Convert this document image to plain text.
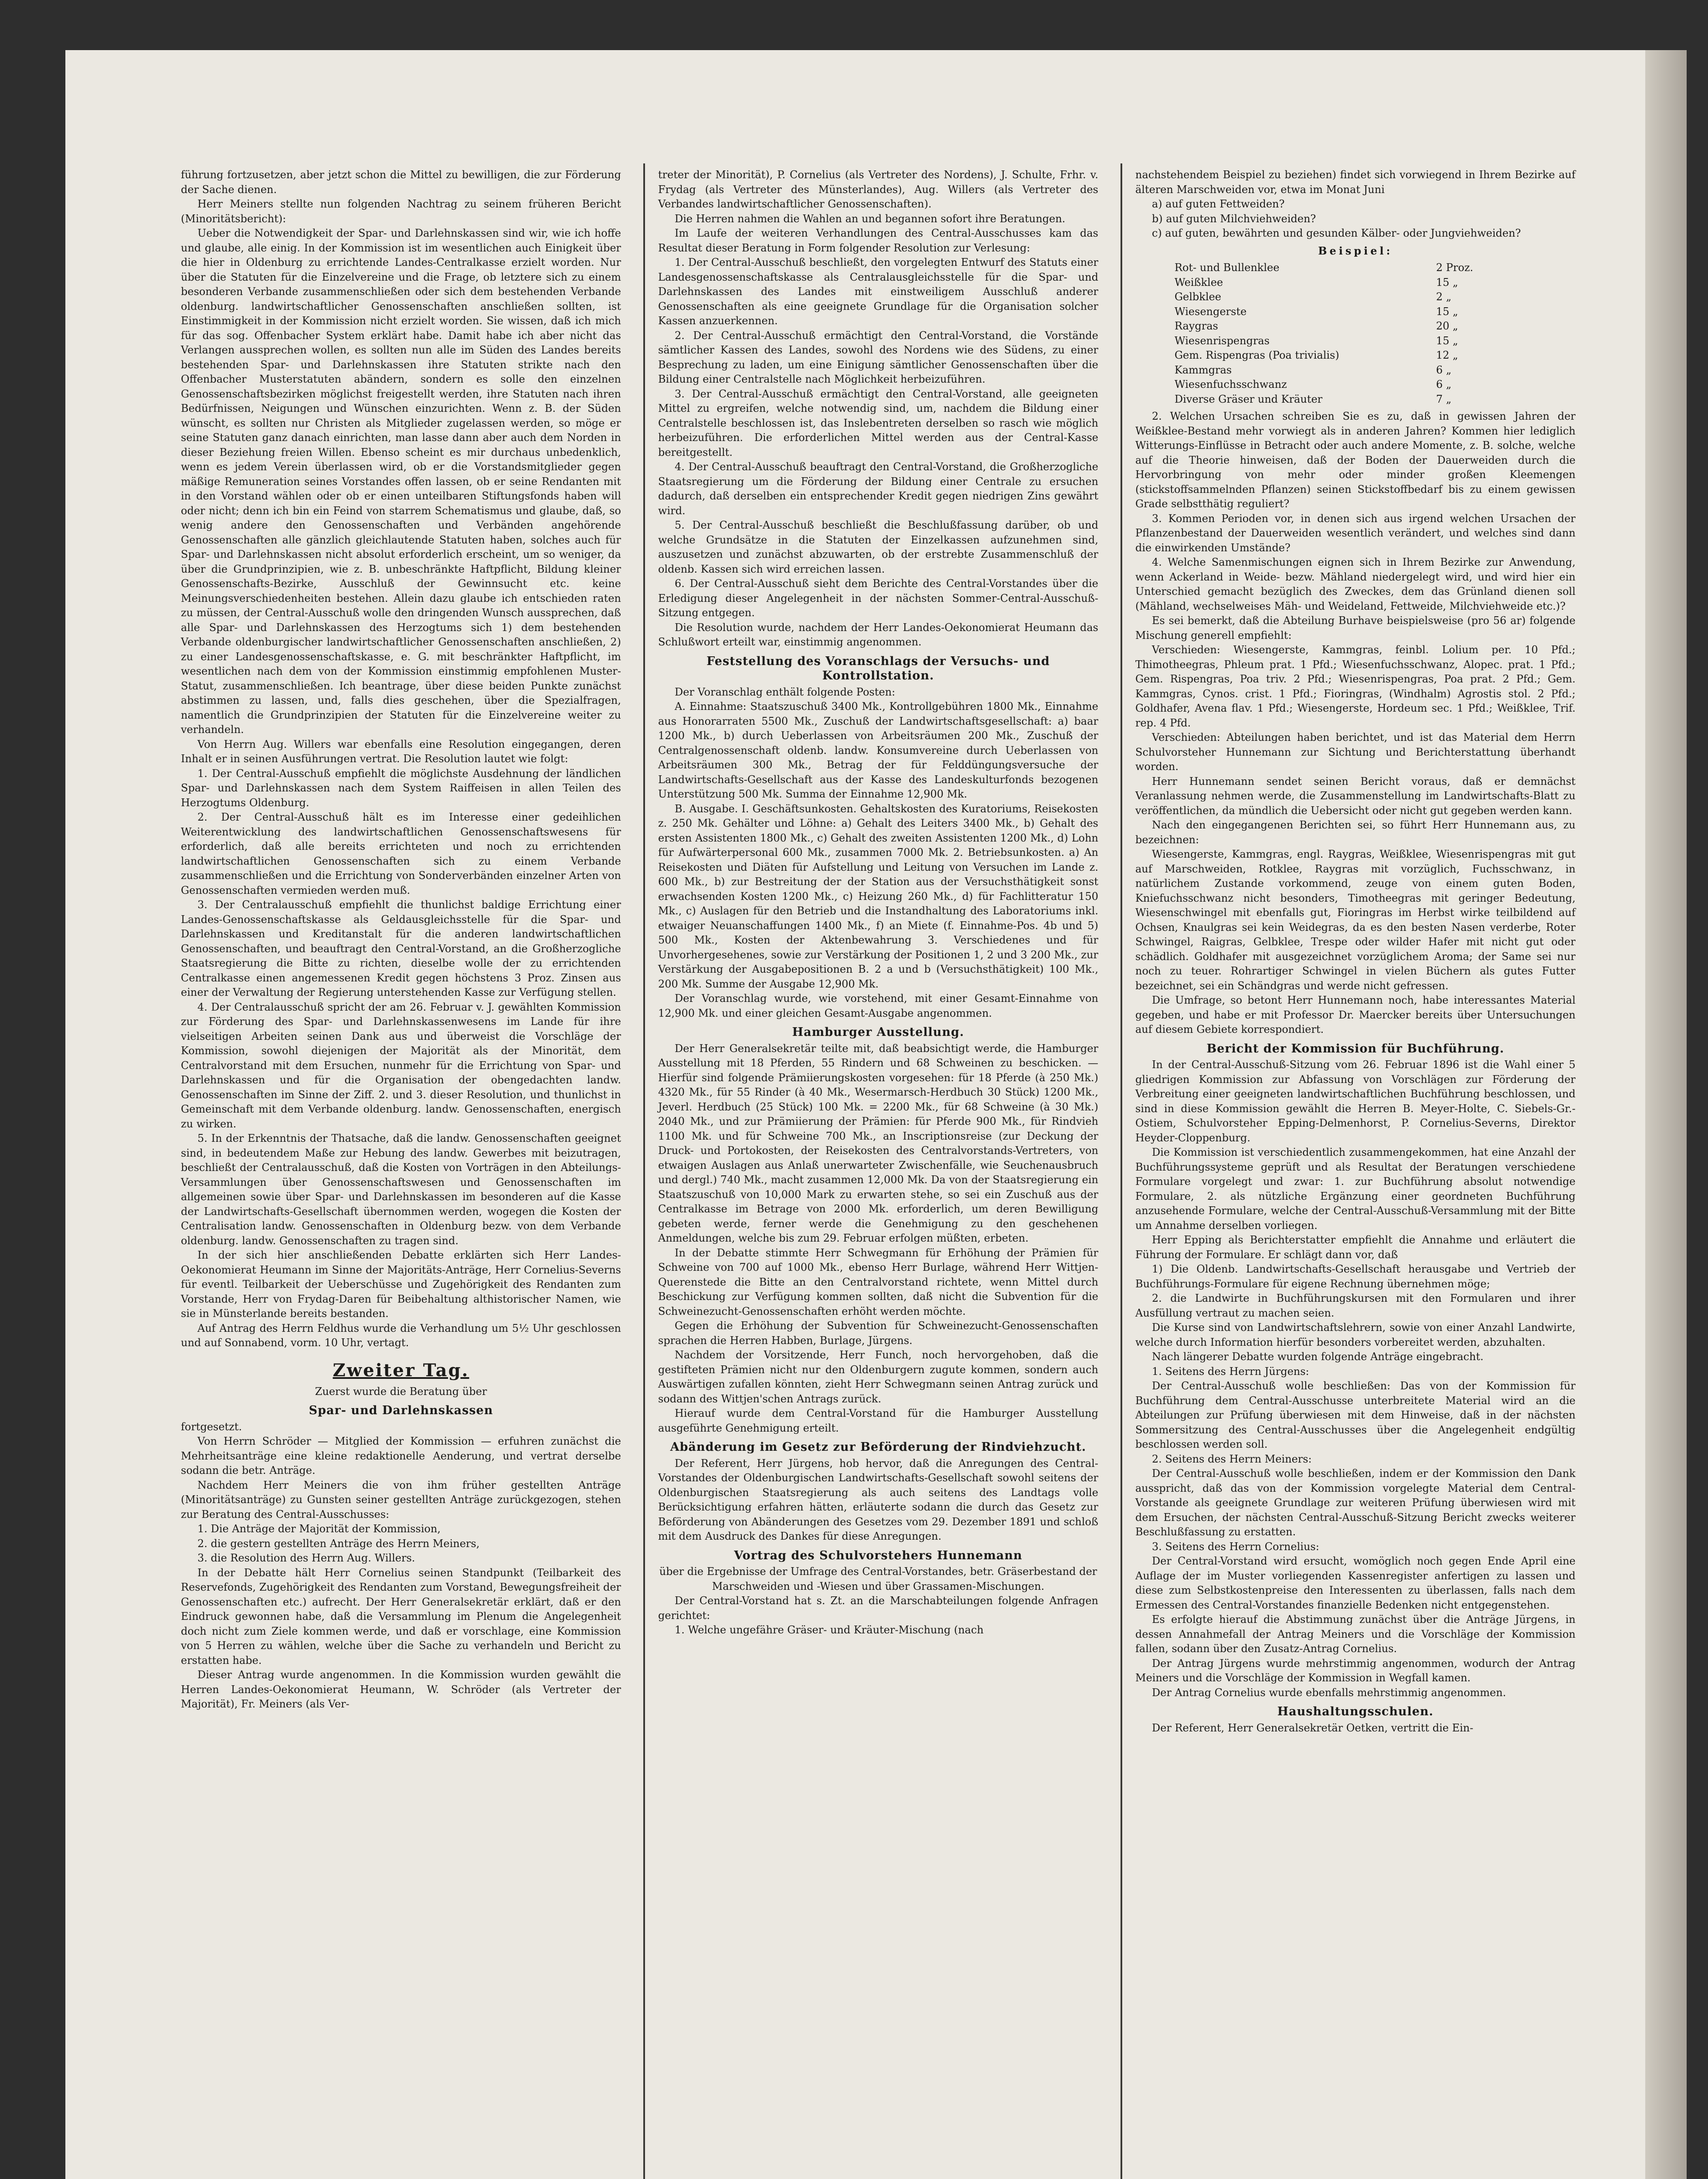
führung fortzusetzen, aber jetzt schon die Mittel zu bewilligen, die zur Förderung der Sache dienen.

Herr Meiners stellte nun folgenden Nachtrag zu seinem früheren Bericht (Minoritätsbericht):

Ueber die Notwendigkeit der Spar- und Darlehnskassen sind wir, wie ich hoffe und glaube, alle einig. In der Kommission ist im wesentlichen auch Einigkeit über die hier in Oldenburg zu errichtende Landes-Centralkasse erzielt worden. Nur über die Statuten für die Einzelvereine und die Frage, ob letztere sich zu einem besonderen Verbande zusammenschließen oder sich dem bestehenden Verbande oldenburg. landwirtschaftlicher Genossenschaften anschließen sollten, ist Einstimmigkeit in der Kommission nicht erzielt worden. Sie wissen, daß ich mich für das sog. Offenbacher System erklärt habe. Damit habe ich aber nicht das Verlangen aussprechen wollen, es sollten nun alle im Süden des Landes bereits bestehenden Spar- und Darlehnskassen ihre Statuten strikte nach den Offenbacher Musterstatuten abändern, sondern es solle den einzelnen Genossenschaftsbezirken möglichst freigestellt werden, ihre Statuten nach ihren Bedürfnissen, Neigungen und Wünschen einzurichten. Wenn z. B. der Süden wünscht, es sollten nur Christen als Mitglieder zugelassen werden, so möge er seine Statuten ganz danach einrichten, man lasse dann aber auch dem Norden in dieser Beziehung freien Willen. Ebenso scheint es mir durchaus unbedenklich, wenn es jedem Verein überlassen wird, ob er die Vorstandsmitglieder gegen mäßige Remuneration seines Vorstandes offen lassen, ob er seine Rendanten mit in den Vorstand wählen oder ob er einen unteilbaren Stiftungsfonds haben will oder nicht; denn ich bin ein Feind von starrem Schematismus und glaube, daß, so wenig andere den Genossenschaften und Verbänden angehörende Genossenschaften alle gänzlich gleichlautende Statuten haben, solches auch für Spar- und Darlehnskassen nicht absolut erforderlich erscheint, um so weniger, da über die Grundprinzipien, wie z. B. unbeschränkte Haftpflicht, Bildung kleiner Genossenschafts-Bezirke, Ausschluß der Gewinnsucht etc. keine Meinungsverschiedenheiten bestehen. Allein dazu glaube ich entschieden raten zu müssen, der Central-Ausschuß wolle den dringenden Wunsch aussprechen, daß alle Spar- und Darlehnskassen des Herzogtums sich 1) dem bestehenden Verbande oldenburgischer landwirtschaftlicher Genossenschaften anschließen, 2) zu einer Landesgenossenschaftskasse, e. G. mit beschränkter Haftpflicht, im wesentlichen nach dem von der Kommission einstimmig empfohlenen Muster-Statut, zusammenschließen. Ich beantrage, über diese beiden Punkte zunächst abstimmen zu lassen, und, falls dies geschehen, über die Spezialfragen, namentlich die Grundprinzipien der Statuten für die Einzelvereine weiter zu verhandeln.

Von Herrn Aug. Willers war ebenfalls eine Resolution eingegangen, deren Inhalt er in seinen Ausführungen vertrat. Die Resolution lautet wie folgt:

1. Der Central-Ausschuß empfiehlt die möglichste Ausdehnung der ländlichen Spar- und Darlehnskassen nach dem System Raiffeisen in allen Teilen des Herzogtums Oldenburg.

2. Der Central-Ausschuß hält es im Interesse einer gedeihlichen Weiterentwicklung des landwirtschaftlichen Genossenschaftswesens für erforderlich, daß alle bereits errichteten und noch zu errichtenden landwirtschaftlichen Genossenschaften sich zu einem Verbande zusammenschließen und die Errichtung von Sonderverbänden einzelner Arten von Genossenschaften vermieden werden muß.

3. Der Centralausschuß empfiehlt die thunlichst baldige Errichtung einer Landes-Genossenschaftskasse als Geldausgleichsstelle für die Spar- und Darlehnskassen und Kreditanstalt für die anderen landwirtschaftlichen Genossenschaften, und beauftragt den Central-Vorstand, an die Großherzogliche Staatsregierung die Bitte zu richten, dieselbe wolle der zu errichtenden Centralkasse einen angemessenen Kredit gegen höchstens 3 Proz. Zinsen aus einer der Verwaltung der Regierung unterstehenden Kasse zur Verfügung stellen.

4. Der Centralausschuß spricht der am 26. Februar v. J. gewählten Kommission zur Förderung des Spar- und Darlehnskassenwesens im Lande für ihre vielseitigen Arbeiten seinen Dank aus und überweist die Vorschläge der Kommission, sowohl diejenigen der Majorität als der Minorität, dem Centralvorstand mit dem Ersuchen, nunmehr für die Errichtung von Spar- und Darlehnskassen und für die Organisation der obengedachten landw. Genossenschaften im Sinne der Ziff. 2. und 3. dieser Resolution, und thunlichst in Gemeinschaft mit dem Verbande oldenburg. landw. Genossenschaften, energisch zu wirken.

5. In der Erkenntnis der Thatsache, daß die landw. Genossenschaften geeignet sind, in bedeutendem Maße zur Hebung des landw. Gewerbes mit beizutragen, beschließt der Centralausschuß, daß die Kosten von Vorträgen in den Abteilungs-Versammlungen über Genossenschaftswesen und Genossenschaften im allgemeinen sowie über Spar- und Darlehnskassen im besonderen auf die Kasse der Landwirtschafts-Gesellschaft übernommen werden, wogegen die Kosten der Centralisation landw. Genossenschaften in Oldenburg bezw. von dem Verbande oldenburg. landw. Genossenschaften zu tragen sind.

In der sich hier anschließenden Debatte erklärten sich Herr Landes-Oekonomierat Heumann im Sinne der Majoritäts-Anträge, Herr Cornelius-Severns für eventl. Teilbarkeit der Ueberschüsse und Zugehörigkeit des Rendanten zum Vorstande, Herr von Frydag-Daren für Beibehaltung althistorischer Namen, wie sie in Münsterlande bereits bestanden.

Auf Antrag des Herrn Feldhus wurde die Verhandlung um 5½ Uhr geschlossen und auf Sonnabend, vorm. 10 Uhr, vertagt.

Zweiter Tag.
Zuerst wurde die Beratung über
Spar- und Darlehnskassen

fortgesetzt.

Von Herrn Schröder — Mitglied der Kommission — erfuhren zunächst die Mehrheitsanträge eine kleine redaktionelle Aenderung, und vertrat derselbe sodann die betr. Anträge.

Nachdem Herr Meiners die von ihm früher gestellten Anträge (Minoritätsanträge) zu Gunsten seiner gestellten Anträge zurückgezogen, stehen zur Beratung des Central-Ausschusses:

1. Die Anträge der Majorität der Kommission,

2. die gestern gestellten Anträge des Herrn Meiners,

3. die Resolution des Herrn Aug. Willers.

In der Debatte hält Herr Cornelius seinen Standpunkt (Teilbarkeit des Reservefonds, Zugehörigkeit des Rendanten zum Vorstand, Bewegungsfreiheit der Genossenschaften etc.) aufrecht. Der Herr Generalsekretär erklärt, daß er den Eindruck gewonnen habe, daß die Versammlung im Plenum die Angelegenheit doch nicht zum Ziele kommen werde, und daß er vorschlage, eine Kommission von 5 Herren zu wählen, welche über die Sache zu verhandeln und Bericht zu erstatten habe.

Dieser Antrag wurde angenommen. In die Kommission wurden gewählt die Herren Landes-Oekonomierat Heumann, W. Schröder (als Vertreter der Majorität), Fr. Meiners (als Ver-

treter der Minorität), P. Cornelius (als Vertreter des Nordens), J. Schulte, Frhr. v. Frydag (als Vertreter des Münsterlandes), Aug. Willers (als Vertreter des Verbandes landwirtschaftlicher Genossenschaften).

Die Herren nahmen die Wahlen an und begannen sofort ihre Beratungen.

Im Laufe der weiteren Verhandlungen des Central-Ausschusses kam das Resultat dieser Beratung in Form folgender Resolution zur Verlesung:

1. Der Central-Ausschuß beschließt, den vorgelegten Entwurf des Statuts einer Landesgenossenschaftskasse als Centralausgleichsstelle für die Spar- und Darlehnskassen des Landes mit einstweiligem Ausschluß anderer Genossenschaften als eine geeignete Grundlage für die Organisation solcher Kassen anzuerkennen.

2. Der Central-Ausschuß ermächtigt den Central-Vorstand, die Vorstände sämtlicher Kassen des Landes, sowohl des Nordens wie des Südens, zu einer Besprechung zu laden, um eine Einigung sämtlicher Genossenschaften über die Bildung einer Centralstelle nach Möglichkeit herbeizuführen.

3. Der Central-Ausschuß ermächtigt den Central-Vorstand, alle geeigneten Mittel zu ergreifen, welche notwendig sind, um, nachdem die Bildung einer Centralstelle beschlossen ist, das Inslebentreten derselben so rasch wie möglich herbeizuführen. Die erforderlichen Mittel werden aus der Central-Kasse bereitgestellt.

4. Der Central-Ausschuß beauftragt den Central-Vorstand, die Großherzogliche Staatsregierung um die Förderung der Bildung einer Centrale zu ersuchen dadurch, daß derselben ein entsprechender Kredit gegen niedrigen Zins gewährt wird.

5. Der Central-Ausschuß beschließt die Beschlußfassung darüber, ob und welche Grundsätze in die Statuten der Einzelkassen aufzunehmen sind, auszusetzen und zunächst abzuwarten, ob der erstrebte Zusammenschluß der oldenb. Kassen sich wird erreichen lassen.

6. Der Central-Ausschuß sieht dem Berichte des Central-Vorstandes über die Erledigung dieser Angelegenheit in der nächsten Sommer-Central-Ausschuß-Sitzung entgegen.

Die Resolution wurde, nachdem der Herr Landes-Oekonomierat Heumann das Schlußwort erteilt war, einstimmig angenommen.

Feststellung des Voranschlags der Versuchs- und Kontrollstation.

Der Voranschlag enthält folgende Posten:

A. Einnahme: Staatszuschuß 3400 Mk., Kontrollgebühren 1800 Mk., Einnahme aus Honorarraten 5500 Mk., Zuschuß der Landwirtschaftsgesellschaft: a) baar 1200 Mk., b) durch Ueberlassen von Arbeitsräumen 200 Mk., Zuschuß der Centralgenossenschaft oldenb. landw. Konsumvereine durch Ueberlassen von Arbeitsräumen 300 Mk., Betrag der für Felddüngungsversuche der Landwirtschafts-Gesellschaft aus der Kasse des Landeskulturfonds bezogenen Unterstützung 500 Mk. Summa der Einnahme 12,900 Mk.

B. Ausgabe. I. Geschäftsunkosten. Gehaltskosten des Kuratoriums, Reisekosten z. 250 Mk. Gehälter und Löhne: a) Gehalt des Leiters 3400 Mk., b) Gehalt des ersten Assistenten 1800 Mk., c) Gehalt des zweiten Assistenten 1200 Mk., d) Lohn für Aufwärterpersonal 600 Mk., zusammen 7000 Mk. 2. Betriebsunkosten. a) An Reisekosten und Diäten für Aufstellung und Leitung von Versuchen im Lande z. 600 Mk., b) zur Bestreitung der der Station aus der Versuchsthätigkeit sonst erwachsenden Kosten 1200 Mk., c) Heizung 260 Mk., d) für Fachlitteratur 150 Mk., c) Auslagen für den Betrieb und die Instandhaltung des Laboratoriums inkl. etwaiger Neuanschaffungen 1400 Mk., f) an Miete (f. Einnahme-Pos. 4b und 5) 500 Mk., Kosten der Aktenbewahrung 3. Verschiedenes und für Unvorhergesehenes, sowie zur Verstärkung der Positionen 1, 2 und 3 200 Mk., zur Verstärkung der Ausgabepositionen B. 2 a und b (Versuchsthätigkeit) 100 Mk., 200 Mk. Summe der Ausgabe 12,900 Mk.

Der Voranschlag wurde, wie vorstehend, mit einer Gesamt-Einnahme von 12,900 Mk. und einer gleichen Gesamt-Ausgabe angenommen.

Hamburger Ausstellung.

Der Herr Generalsekretär teilte mit, daß beabsichtigt werde, die Hamburger Ausstellung mit 18 Pferden, 55 Rindern und 68 Schweinen zu beschicken. — Hierfür sind folgende Prämiierungskosten vorgesehen: für 18 Pferde (à 250 Mk.) 4320 Mk., für 55 Rinder (à 40 Mk., Wesermarsch-Herdbuch 30 Stück) 1200 Mk., Jeverl. Herdbuch (25 Stück) 100 Mk. = 2200 Mk., für 68 Schweine (à 30 Mk.) 2040 Mk., und zur Prämiierung der Prämien: für Pferde 900 Mk., für Rindvieh 1100 Mk. und für Schweine 700 Mk., an Inscriptionsreise (zur Deckung der Druck- und Portokosten, der Reisekosten des Centralvorstands-Vertreters, von etwaigen Auslagen aus Anlaß unerwarteter Zwischenfälle, wie Seuchenausbruch und dergl.) 740 Mk., macht zusammen 12,000 Mk. Da von der Staatsregierung ein Staatszuschuß von 10,000 Mark zu erwarten stehe, so sei ein Zuschuß aus der Centralkasse im Betrage von 2000 Mk. erforderlich, um deren Bewilligung gebeten werde, ferner werde die Genehmigung zu den geschehenen Anmeldungen, welche bis zum 29. Februar erfolgen müßten, erbeten.

In der Debatte stimmte Herr Schwegmann für Erhöhung der Prämien für Schweine von 700 auf 1000 Mk., ebenso Herr Burlage, während Herr Wittjen-Querenstede die Bitte an den Centralvorstand richtete, wenn Mittel durch Beschickung zur Verfügung kommen sollten, daß nicht die Subvention für die Schweinezucht-Genossenschaften erhöht werden möchte.

Gegen die Erhöhung der Subvention für Schweinezucht-Genossenschaften sprachen die Herren Habben, Burlage, Jürgens.

Nachdem der Vorsitzende, Herr Funch, noch hervorgehoben, daß die gestifteten Prämien nicht nur den Oldenburgern zugute kommen, sondern auch Auswärtigen zufallen könnten, zieht Herr Schwegmann seinen Antrag zurück und sodann des Wittjen'schen Antrags zurück.

Hierauf wurde dem Central-Vorstand für die Hamburger Ausstellung ausgeführte Genehmigung erteilt.

Abänderung im Gesetz zur Beförderung der Rindviehzucht.

Der Referent, Herr Jürgens, hob hervor, daß die Anregungen des Central-Vorstandes der Oldenburgischen Landwirtschafts-Gesellschaft sowohl seitens der Oldenburgischen Staatsregierung als auch seitens des Landtags volle Berücksichtigung erfahren hätten, erläuterte sodann die durch das Gesetz zur Beförderung von Abänderungen des Gesetzes vom 29. Dezember 1891 und schloß mit dem Ausdruck des Dankes für diese Anregungen.

Vortrag des Schulvorstehers Hunnemann
über die Ergebnisse der Umfrage des Central-Vorstandes, betr. Gräserbestand der Marschweiden und -Wiesen und über Grassamen-Mischungen.

Der Central-Vorstand hat s. Zt. an die Marschabteilungen folgende Anfragen gerichtet:

1. Welche ungefähre Gräser- und Kräuter-Mischung (nach

nachstehendem Beispiel zu beziehen) findet sich vorwiegend in Ihrem Bezirke auf älteren Marschweiden vor, etwa im Monat Juni

a) auf guten Fettweiden?

b) auf guten Milchviehweiden?

c) auf guten, bewährten und gesunden Kälber- oder Jungviehweiden?

Beispiel:
Rot- und Bullenklee	2 Proz.
Weißklee	15 „
Gelbklee	2 „
Wiesengerste	15 „
Raygras	20 „
Wiesenrispengras	15 „
Gem. Rispengras (Poa trivialis)	12 „
Kammgras	6 „
Wiesenfuchsschwanz	6 „
Diverse Gräser und Kräuter	7 „

2. Welchen Ursachen schreiben Sie es zu, daß in gewissen Jahren der Weißklee-Bestand mehr vorwiegt als in anderen Jahren? Kommen hier lediglich Witterungs-Einflüsse in Betracht oder auch andere Momente, z. B. solche, welche auf die Theorie hinweisen, daß der Boden der Dauerweiden durch die Hervorbringung von mehr oder minder großen Kleemengen (stickstoffsammelnden Pflanzen) seinen Stickstoffbedarf bis zu einem gewissen Grade selbstthätig reguliert?

3. Kommen Perioden vor, in denen sich aus irgend welchen Ursachen der Pflanzenbestand der Dauerweiden wesentlich verändert, und welches sind dann die einwirkenden Umstände?

4. Welche Samenmischungen eignen sich in Ihrem Bezirke zur Anwendung, wenn Ackerland in Weide- bezw. Mähland niedergelegt wird, und wird hier ein Unterschied gemacht bezüglich des Zweckes, dem das Grünland dienen soll (Mähland, wechselweises Mäh- und Weideland, Fettweide, Milchviehweide etc.)?

Es sei bemerkt, daß die Abteilung Burhave beispielsweise (pro 56 ar) folgende Mischung generell empfiehlt:

Verschieden: Wiesengerste, Kammgras, feinbl. Lolium per. 10 Pfd.; Thimotheegras, Phleum prat. 1 Pfd.; Wiesenfuchsschwanz, Alopec. prat. 1 Pfd.; Gem. Rispengras, Poa triv. 2 Pfd.; Wiesenrispengras, Poa prat. 2 Pfd.; Gem. Kammgras, Cynos. crist. 1 Pfd.; Fioringras, (Windhalm) Agrostis stol. 2 Pfd.; Goldhafer, Avena flav. 1 Pfd.; Wiesengerste, Hordeum sec. 1 Pfd.; Weißklee, Trif. rep. 4 Pfd.

Verschieden: Abteilungen haben berichtet, und ist das Material dem Herrn Schulvorsteher Hunnemann zur Sichtung und Berichterstattung überhandt worden.

Herr Hunnemann sendet seinen Bericht voraus, daß er demnächst Veranlassung nehmen werde, die Zusammenstellung im Landwirtschafts-Blatt zu veröffentlichen, da mündlich die Uebersicht oder nicht gut gegeben werden kann.

Nach den eingegangenen Berichten sei, so führt Herr Hunnemann aus, zu bezeichnen:

Wiesengerste, Kammgras, engl. Raygras, Weißklee, Wiesenrispengras mit gut auf Marschweiden, Rotklee, Raygras mit vorzüglich, Fuchsschwanz, in natürlichem Zustande vorkommend, zeuge von einem guten Boden, Kniefuchsschwanz nicht besonders, Timotheegras mit geringer Bedeutung, Wiesenschwingel mit ebenfalls gut, Fioringras im Herbst wirke teilbildend auf Ochsen, Knaulgras sei kein Weidegras, da es den besten Nasen verderbe, Roter Schwingel, Raigras, Gelbklee, Trespe oder wilder Hafer mit nicht gut oder schädlich. Goldhafer mit ausgezeichnet vorzüglichem Aroma; der Same sei nur noch zu teuer. Rohrartiger Schwingel in vielen Büchern als gutes Futter bezeichnet, sei ein Schändgras und werde nicht gefressen.

Die Umfrage, so betont Herr Hunnemann noch, habe interessantes Material gegeben, und habe er mit Professor Dr. Maercker bereits über Untersuchungen auf diesem Gebiete korrespondiert.

Bericht der Kommission für Buchführung.

In der Central-Ausschuß-Sitzung vom 26. Februar 1896 ist die Wahl einer 5 gliedrigen Kommission zur Abfassung von Vorschlägen zur Förderung der Verbreitung einer geeigneten landwirtschaftlichen Buchführung beschlossen, und sind in diese Kommission gewählt die Herren B. Meyer-Holte, C. Siebels-Gr.-Ostiem, Schulvorsteher Epping-Delmenhorst, P. Cornelius-Severns, Direktor Heyder-Cloppenburg.

Die Kommission ist verschiedentlich zusammengekommen, hat eine Anzahl der Buchführungssysteme geprüft und als Resultat der Beratungen verschiedene Formulare vorgelegt und zwar: 1. zur Buchführung absolut notwendige Formulare, 2. als nützliche Ergänzung einer geordneten Buchführung anzusehende Formulare, welche der Central-Ausschuß-Versammlung mit der Bitte um Annahme derselben vorliegen.

Herr Epping als Berichterstatter empfiehlt die Annahme und erläutert die Führung der Formulare. Er schlägt dann vor, daß

1) Die Oldenb. Landwirtschafts-Gesellschaft herausgabe und Vertrieb der Buchführungs-Formulare für eigene Rechnung übernehmen möge;

2. die Landwirte in Buchführungskursen mit den Formularen und ihrer Ausfüllung vertraut zu machen seien.

Die Kurse sind von Landwirtschaftslehrern, sowie von einer Anzahl Landwirte, welche durch Information hierfür besonders vorbereitet werden, abzuhalten.

Nach längerer Debatte wurden folgende Anträge eingebracht.

1. Seitens des Herrn Jürgens:

Der Central-Ausschuß wolle beschließen: Das von der Kommission für Buchführung dem Central-Ausschusse unterbreitete Material wird an die Abteilungen zur Prüfung überwiesen mit dem Hinweise, daß in der nächsten Sommersitzung des Central-Ausschusses über die Angelegenheit endgültig beschlossen werden soll.

2. Seitens des Herrn Meiners:

Der Central-Ausschuß wolle beschließen, indem er der Kommission den Dank ausspricht, daß das von der Kommission vorgelegte Material dem Central-Vorstande als geeignete Grundlage zur weiteren Prüfung überwiesen wird mit dem Ersuchen, der nächsten Central-Ausschuß-Sitzung Bericht zwecks weiterer Beschlußfassung zu erstatten.

3. Seitens des Herrn Cornelius:

Der Central-Vorstand wird ersucht, womöglich noch gegen Ende April eine Auflage der im Muster vorliegenden Kassenregister anfertigen zu lassen und diese zum Selbstkostenpreise den Interessenten zu überlassen, falls nach dem Ermessen des Central-Vorstandes finanzielle Bedenken nicht entgegenstehen.

Es erfolgte hierauf die Abstimmung zunächst über die Anträge Jürgens, in dessen Annahmefall der Antrag Meiners und die Vorschläge der Kommission fallen, sodann über den Zusatz-Antrag Cornelius.

Der Antrag Jürgens wurde mehrstimmig angenommen, wodurch der Antrag Meiners und die Vorschläge der Kommission in Wegfall kamen.

Der Antrag Cornelius wurde ebenfalls mehrstimmig angenommen.

Haushaltungsschulen.

Der Referent, Herr Generalsekretär Oetken, vertritt die Ein-
